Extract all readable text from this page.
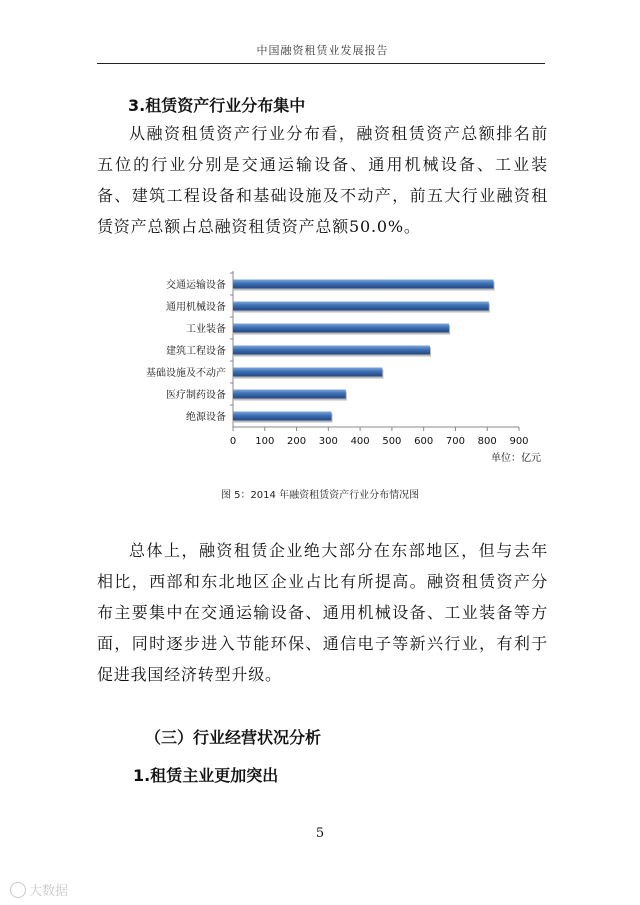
中国融资租赁业发展报告
3.租赁资产行业分布集中
从融资租赁资产行业分布看，融资租赁资产总额排名前五位的行业分别是交通运输设备、通用机械设备、工业装备、建筑工程设备和基础设施及不动产，前五大行业融资租赁资产总额占总融资租赁资产总额50.0%。
交通运输设备
通用机械设备
工业装备
建筑工程设备
基础设施及不动产
医疗制药设备
绝源设备
0 100 200 300 400 500 600 700 800 900
单位：亿元
图 5：2014 年融资租赁资产行业分布情况图
总体上，融资租赁企业绝大部分在东部地区，但与去年相比，西部和东北地区企业占比有所提高。融资租赁资产分布主要集中在交通运输设备、通用机械设备、工业装备等方面，同时逐步进入节能环保、通信电子等新兴行业，有利于促进我国经济转型升级。
（三）行业经营状况分析
1.租赁主业更加突出
5
大数据
